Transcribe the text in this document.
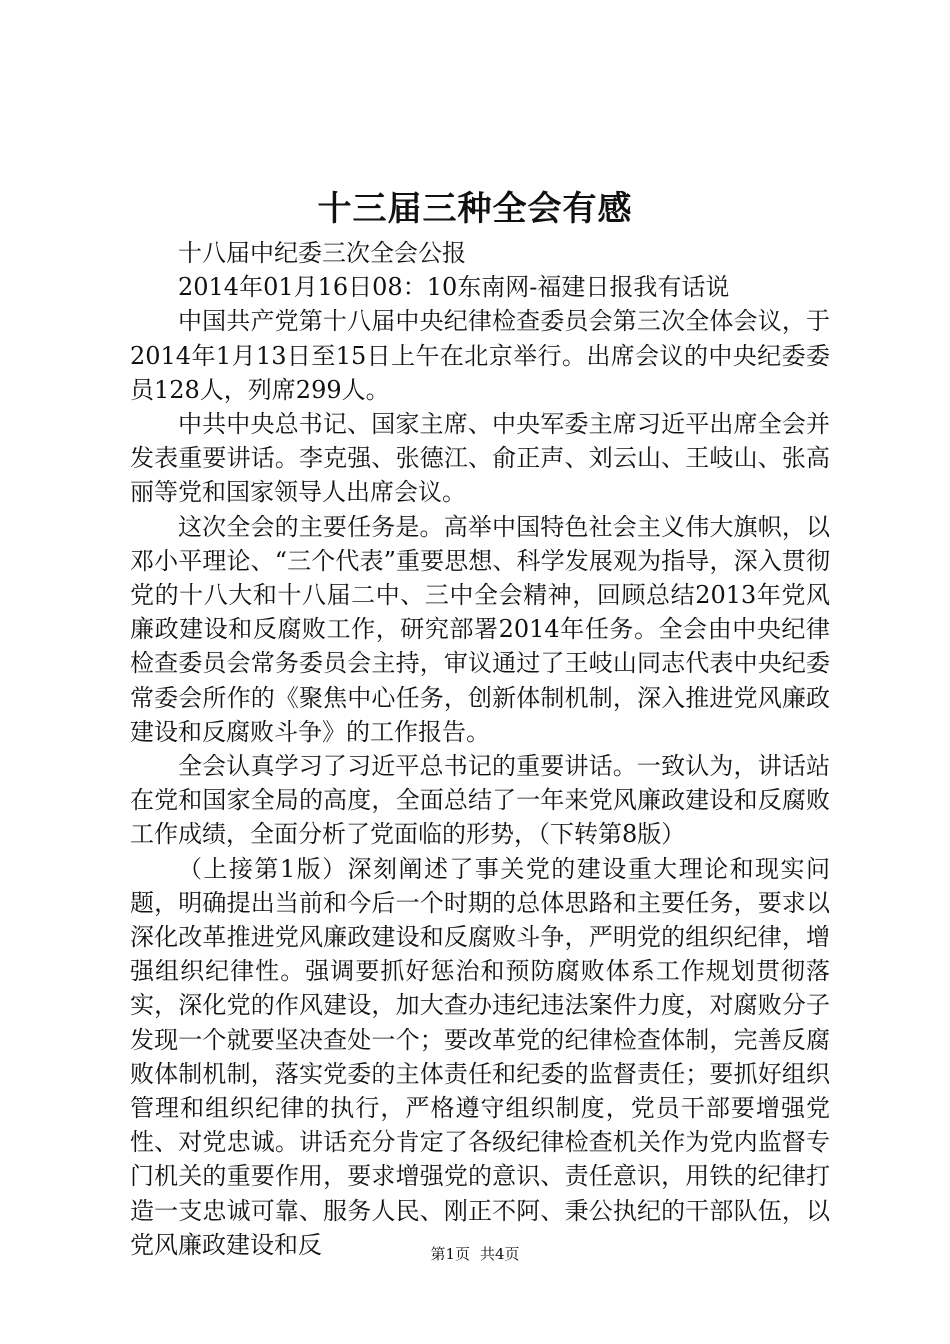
十三届三种全会有感

十八届中纪委三次全会公报

2014年01月16日08：10东南网-福建日报我有话说

中国共产党第十八届中央纪律检查委员会第三次全体会议，于2014年1月13日至15日上午在北京举行。出席会议的中央纪委委员128人，列席299人。

中共中央总书记、国家主席、中央军委主席习近平出席全会并发表重要讲话。李克强、张德江、俞正声、刘云山、王岐山、张高丽等党和国家领导人出席会议。

这次全会的主要任务是。高举中国特色社会主义伟大旗帜，以邓小平理论、“三个代表”重要思想、科学发展观为指导，深入贯彻党的十八大和十八届二中、三中全会精神，回顾总结2013年党风廉政建设和反腐败工作，研究部署2014年任务。全会由中央纪律检查委员会常务委员会主持，审议通过了王岐山同志代表中央纪委常委会所作的《聚焦中心任务，创新体制机制，深入推进党风廉政建设和反腐败斗争》的工作报告。

全会认真学习了习近平总书记的重要讲话。一致认为，讲话站在党和国家全局的高度，全面总结了一年来党风廉政建设和反腐败工作成绩，全面分析了党面临的形势，（下转第8版）

（上接第1版）深刻阐述了事关党的建设重大理论和现实问题，明确提出当前和今后一个时期的总体思路和主要任务，要求以深化改革推进党风廉政建设和反腐败斗争，严明党的组织纪律，增强组织纪律性。强调要抓好惩治和预防腐败体系工作规划贯彻落实，深化党的作风建设，加大查办违纪违法案件力度，对腐败分子发现一个就要坚决查处一个；要改革党的纪律检查体制，完善反腐败体制机制，落实党委的主体责任和纪委的监督责任；要抓好组织管理和组织纪律的执行，严格遵守组织制度，党员干部要增强党性、对党忠诚。讲话充分肯定了各级纪律检查机关作为党内监督专门机关的重要作用，要求增强党的意识、责任意识，用铁的纪律打造一支忠诚可靠、服务人民、刚正不阿、秉公执纪的干部队伍，以党风廉政建设和反	第1页 共4页
